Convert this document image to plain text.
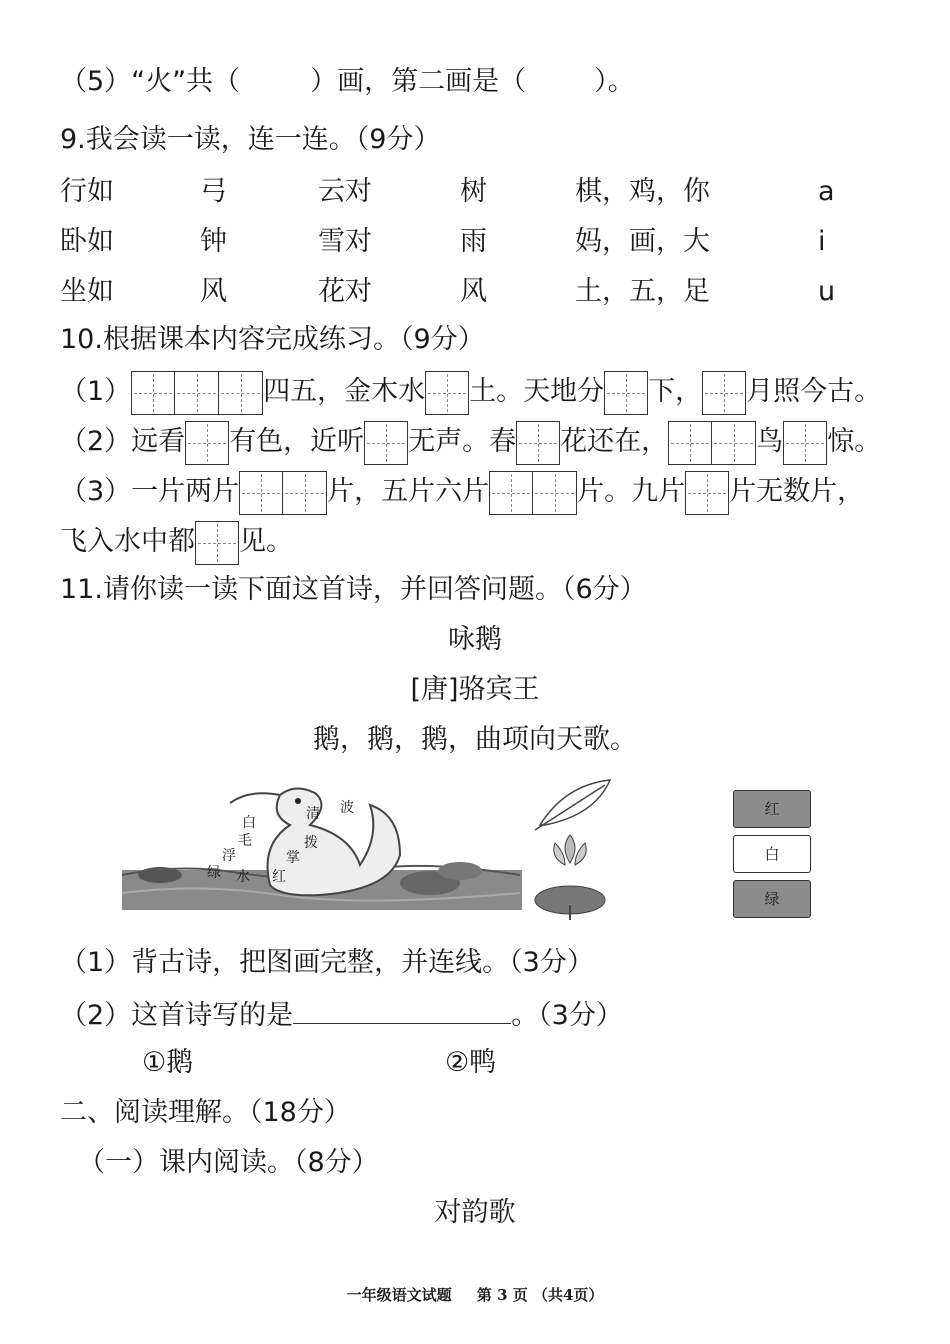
（5）“火”共（	）画，第二画是（	）。
9.我会读一读，连一连。（9分）
行如	弓	云对	树	棋，鸡，你	a
卧如	钟	雪对	雨	妈，画，大	i
坐如	风	花对	风	土，五，足	u
10.根据课本内容完成练习。（9分）
（1）	四五，金木水 土。天地分 下， 月照今古。
（2）远看 有色，近听 无声。春 花还在，	鸟 惊。
（3）一片两片	片，五片六片	片。九片 片无数片，
飞入水中都 见。
11.请你读一读下面这首诗，并回答问题。（6分）
咏鹅
[唐]骆宾王
鹅，鹅，鹅，曲项向天歌。
白
毛
浮
绿 水 红
掌
拨
清 波	红
白
绿
（1）背古诗，把图画完整，并连线。（3分）
（2）这首诗写的是	。（3分）
①鹅	②鸭
二、阅读理解。（18分）
（一）课内阅读。（8分）
对韵歌
一年级语文试题 第 3 页 （共4页）
